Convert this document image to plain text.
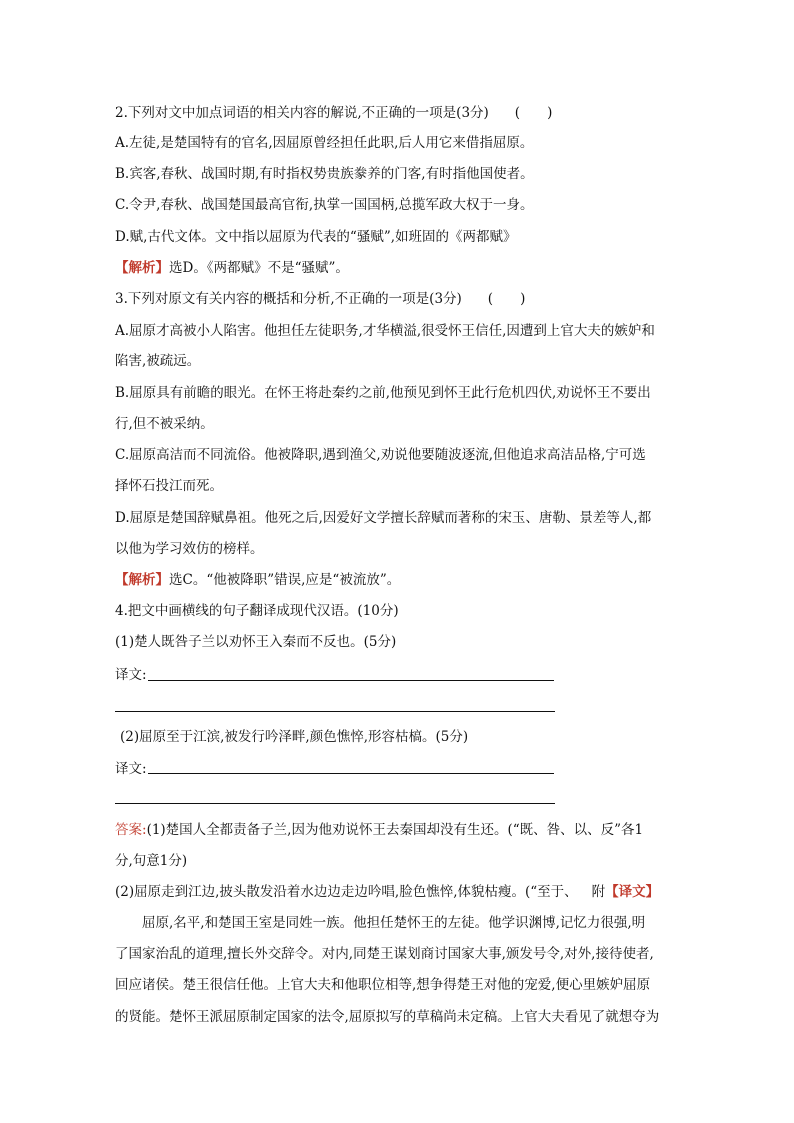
2.下列对文中加点词语的相关内容的解说,不正确的一项是(3分) (　　)
A.左徒,是楚国特有的官名,因屈原曾经担任此职,后人用它来借指屈原。
B.宾客,春秋、战国时期,有时指权势贵族豢养的门客,有时指他国使者。
C.令尹,春秋、战国楚国最高官衔,执掌一国国柄,总揽军政大权于一身。
D.赋,古代文体。文中指以屈原为代表的“骚赋”,如班固的《两都赋》
【解析】选D。《两都赋》不是“骚赋”。
3.下列对原文有关内容的概括和分析,不正确的一项是(3分) (　　)
A.屈原才高被小人陷害。他担任左徒职务,才华横溢,很受怀王信任,因遭到上官大夫的嫉妒和
陷害,被疏远。
B.屈原具有前瞻的眼光。在怀王将赴秦约之前,他预见到怀王此行危机四伏,劝说怀王不要出
行,但不被采纳。
C.屈原高洁而不同流俗。他被降职,遇到渔父,劝说他要随波逐流,但他追求高洁品格,宁可选
择怀石投江而死。
D.屈原是楚国辞赋鼻祖。他死之后,因爱好文学擅长辞赋而著称的宋玉、唐勒、景差等人,都
以他为学习效仿的榜样。
【解析】选C。“他被降职”错误,应是“被流放”。
4.把文中画横线的句子翻译成现代汉语。(10分)
(1)楚人既咎子兰以劝怀王入秦而不反也。(5分)
译文:
(2)屈原至于江滨,被发行吟泽畔,颜色憔悴,形容枯槁。(5分)
译文:
答案:(1)楚国人全都责备子兰,因为他劝说怀王去秦国却没有生还。(“既、咎、以、反”各1
分,句意1分)
(2)屈原走到江边,披头散发沿着水边边走边吟唱,脸色憔悴,体貌枯瘦。(“至于、 附【译文】
屈原,名平,和楚国王室是同姓一族。他担任楚怀王的左徒。他学识渊博,记忆力很强,明
了国家治乱的道理,擅长外交辞令。对内,同楚王谋划商讨国家大事,颁发号令,对外,接待使者,
回应诸侯。楚王很信任他。上官大夫和他职位相等,想争得楚王对他的宠爱,便心里嫉妒屈原
的贤能。楚怀王派屈原制定国家的法令,屈原拟写的草稿尚未定稿。上官大夫看见了就想夺为
